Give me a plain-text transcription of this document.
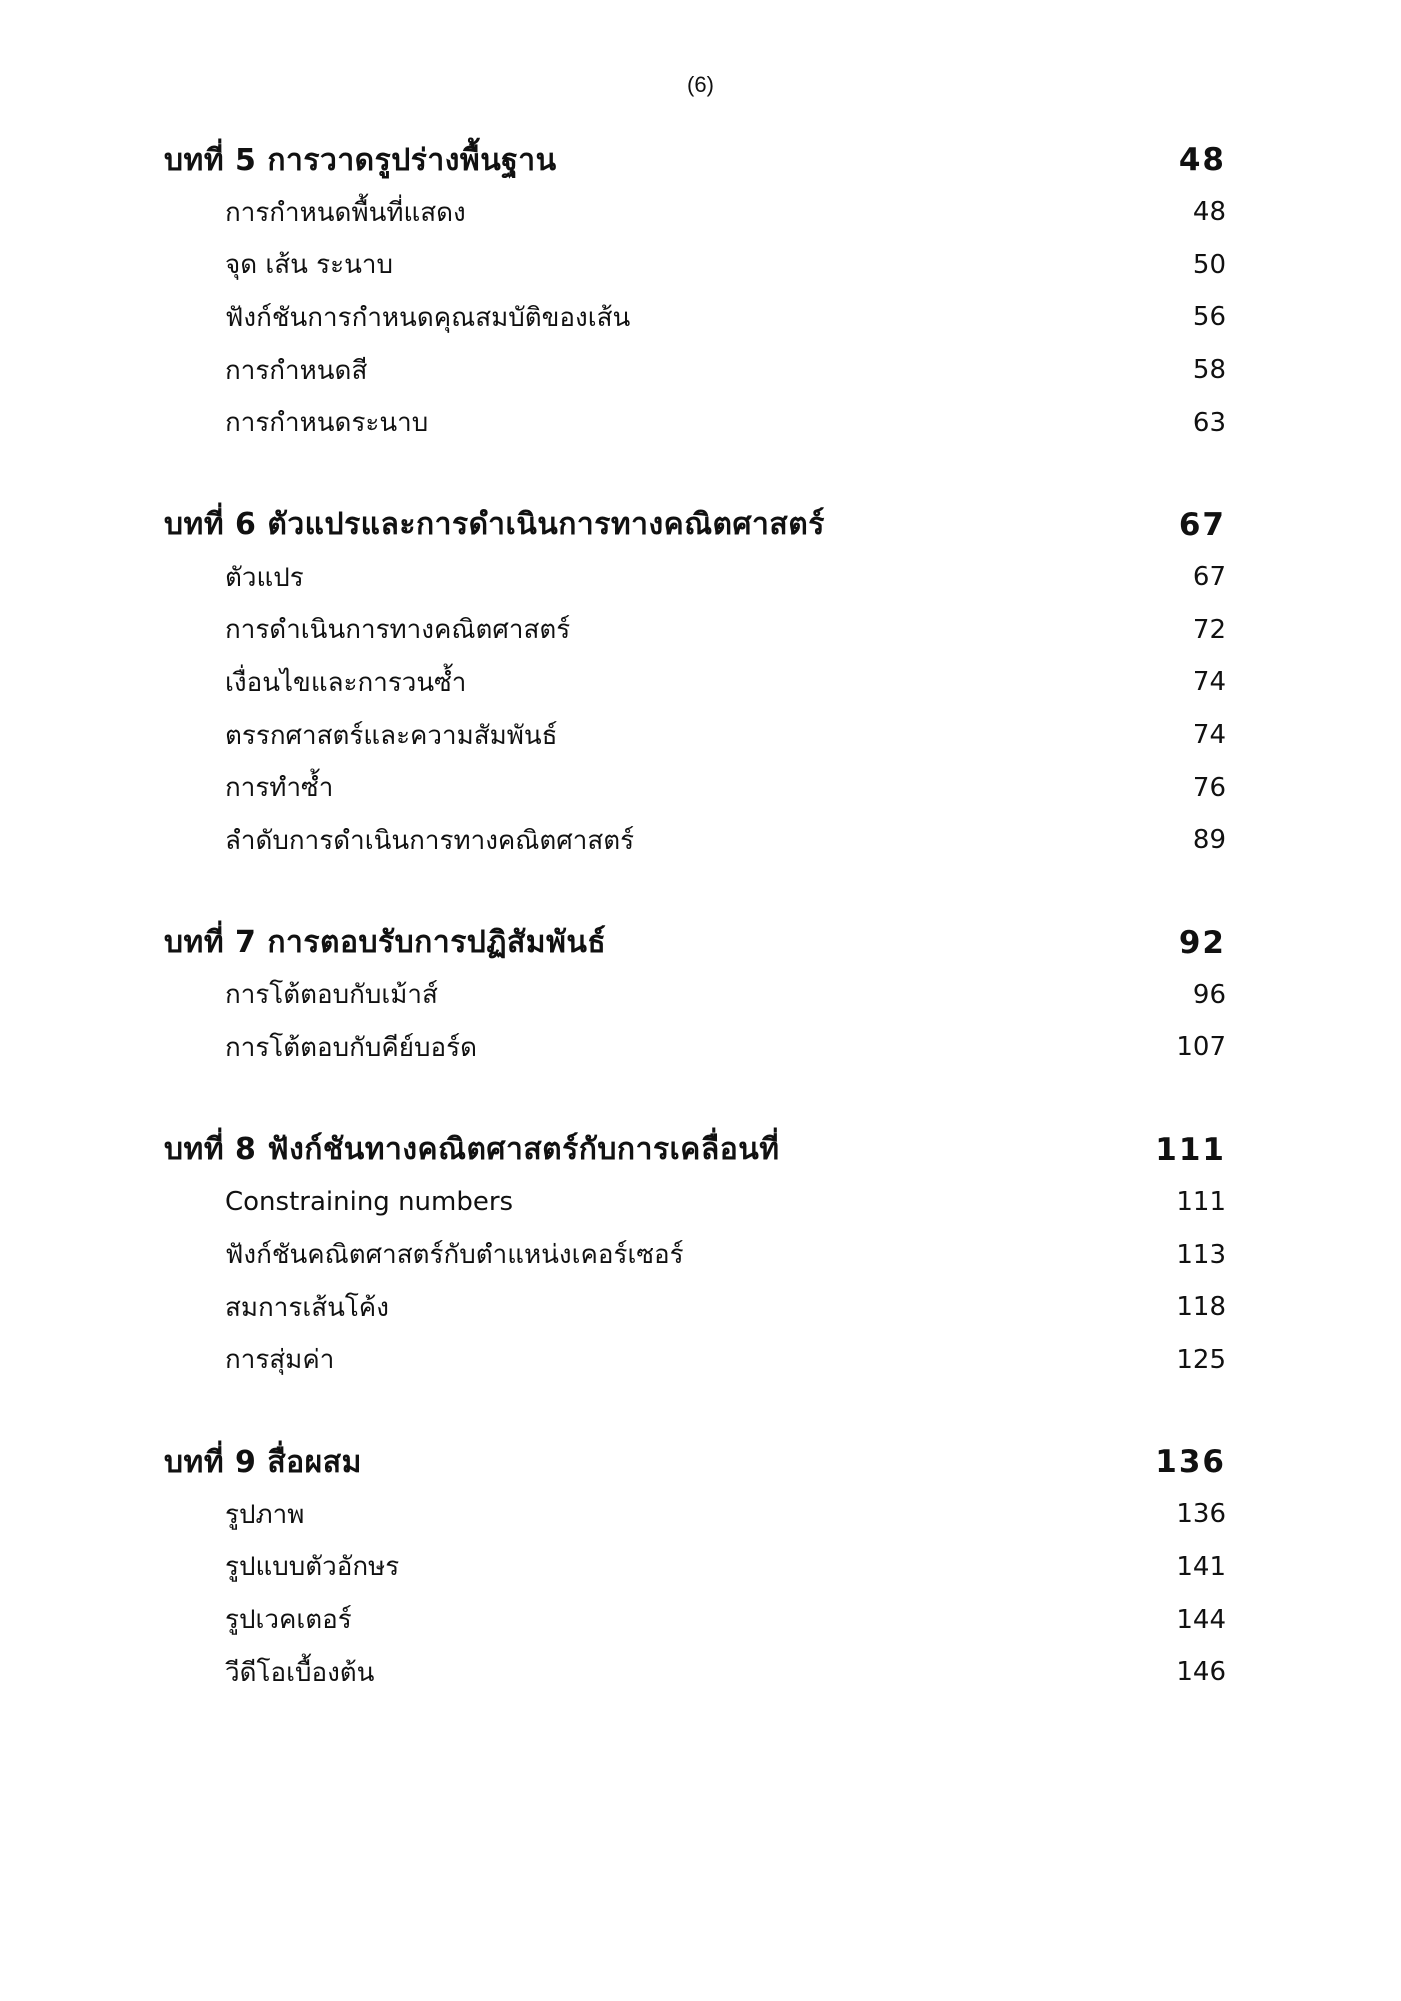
(6)
บทที่ 5 การวาดรูปร่างพื้นฐาน	48
การกำหนดพื้นที่แสดง	48
จุด เส้น ระนาบ	50
ฟังก์ชันการกำหนดคุณสมบัติของเส้น	56
การกำหนดสี	58
การกำหนดระนาบ	63
บทที่ 6 ตัวแปรและการดำเนินการทางคณิตศาสตร์	67
ตัวแปร	67
การดำเนินการทางคณิตศาสตร์	72
เงื่อนไขและการวนซ้ำ	74
ตรรกศาสตร์และความสัมพันธ์	74
การทำซ้ำ	76
ลำดับการดำเนินการทางคณิตศาสตร์	89
บทที่ 7 การตอบรับการปฏิสัมพันธ์	92
การโต้ตอบกับเม้าส์	96
การโต้ตอบกับคีย์บอร์ด	107
บทที่ 8 ฟังก์ชันทางคณิตศาสตร์กับการเคลื่อนที่	111
Constraining numbers	111
ฟังก์ชันคณิตศาสตร์กับตำแหน่งเคอร์เซอร์	113
สมการเส้นโค้ง	118
การสุ่มค่า	125
บทที่ 9 สื่อผสม	136
รูปภาพ	136
รูปแบบตัวอักษร	141
รูปเวคเตอร์	144
วีดีโอเบื้องต้น	146
